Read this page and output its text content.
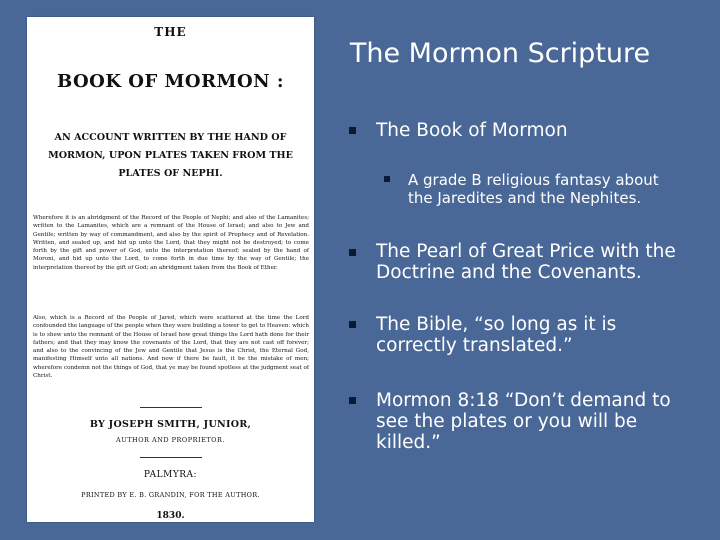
THE
BOOK OF MORMON :
AN ACCOUNT WRITTEN BY THE HAND OF MORMON, UPON PLATES TAKEN FROM THE PLATES OF NEPHI.
Wherefore it is an abridgment of the Record of the People of Nephi; and also of the Lamanites; written to the Lamanites, which are a remnant of the House of Israel; and also to Jew and Gentile; written by way of commandment, and also by the spirit of Prophecy and of Revelation. Written, and sealed up, and hid up unto the Lord, that they might not be destroyed; to come forth by the gift and power of God, unto the interpretation thereof; sealed by the hand of Moroni, and hid up unto the Lord, to come forth in due time by the way of Gentile; the interpretation thereof by the gift of God; an abridgment taken from the Book of Ether.
Also, which is a Record of the People of Jared, which were scattered at the time the Lord confounded the language of the people when they were building a tower to get to Heaven: which is to shew unto the remnant of the House of Israel how great things the Lord hath done for their fathers; and that they may know the covenants of the Lord, that they are not cast off forever; and also to the convincing of the Jew and Gentile that Jesus is the Christ, the Eternal God, manifesting Himself unto all nations. And now if there be fault, it be the mistake of men; wherefore condemn not the things of God, that ye may be found spotless at the judgment seat of Christ.
BY JOSEPH SMITH, JUNIOR,
AUTHOR AND PROPRIETOR.
PALMYRA:
PRINTED BY E. B. GRANDIN, FOR THE AUTHOR.
1830.
The Mormon Scripture
The Book of Mormon
A grade B religious fantasy about the Jaredites and the Nephites.
The Pearl of Great Price with the Doctrine and the Covenants.
The Bible, “so long as it is correctly translated.”
Mormon 8:18 “Don’t demand to see the plates or you will be killed.”
